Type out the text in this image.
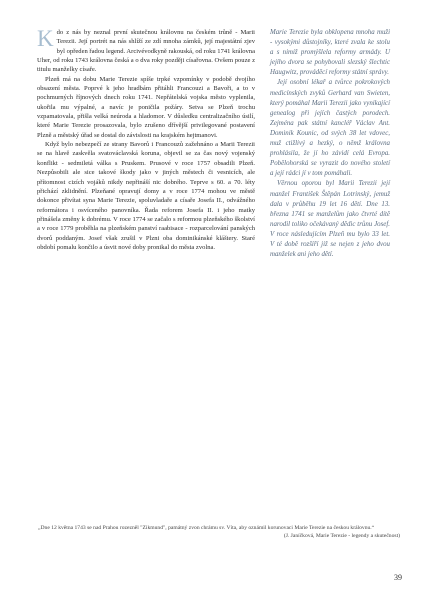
Kdo z nás by neznal první skutečnou královnu na českém trůně - Marii Terezii. Její portrét na nás shlíží ze zdí mnoha zámků, její majestátní zjev byl opředen řadou legend. Arcivévodkyně rakouská, od roku 1741 královna Uher, od roku 1743 královna česká a o dva roky později císařovna. Ovšem pouze z titulu manželky císaře.

Plzeň má na dobu Marie Terezie spíše trpké vzpomínky v podobě dvojího obsazení města. Poprvé k jeho hradbám přitáhli Francouzi a Bavoři, a to v pochmurných říjnových dnech roku 1741. Nepřátelská vojska město vyplenila, ukořila mu výpalné, a navíc je poničila požáry. Setva se Plzeň trochu vzpamatovala, přišla velká neúroda a hladomor. V důsledku centralizačního úsilí, které Marie Terezie prosazovala, bylo zrušeno dřívější privilegované postavení Plzně a městský úřad se dostal do závislosti na krajském hejtmanovi.

Když bylo nebezpečí ze strany Bavorů i Francouzů zažehnáno a Marii Terezii se na hlavě zaskvěla svatováclavská koruna, objevil se za čas nový vojenský konflikt - sedmiletá válka s Pruskem. Prusové v roce 1757 obsadili Plzeň. Nezpůsobili ale sice takové škody jako v jiných městech či vesnicích, ale přítomnost cizích vojáků nikdy nepřináší nic dobrého. Teprve s 60. a 70. léty přichází zklidnění. Plzeňané opravují domy a v roce 1774 mohou ve městě dokonce přivítat syna Marie Terezie, spoluvladaře a císaře Josefa II., odvážného reformátora i osvíceného panovníka. Řada reforem Josefa II. i jeho matky přinášela změny k dobrému. V roce 1774 se začalo s reformou plzeňského školství a v roce 1779 proběhla na plzeňském panství raabisace - rozparcelování panských dvorů poddaným. Josef však zrušil v Plzni oba dominikánské kláštery. Staré období pomalu končilo a úsvit nové doby pronikal do města zvolna.

Marie Terezie byla obklopena mnoha muži - vysokými důstojníky, které zvala ke stolu a s nimiž promýšlela reformy armády. U jejího dvora se pohybovali slezský šlechtic Haugwitz, prováděcí reformy státní správy.

Její osobní lékař a tvůrce pokrokových medicínských zvyků Gerhard van Swieten, který pomáhal Marii Terezii jako vynikající genealog při jejích častých porodech. Zejména pak státní kancléř Václav Ant. Dominik Kounic, od svých 38 let vdovec, muž ctižlivý a hezký, o němž královna prohlásila, že jí ho závidí celá Evropa. Pobělohorská se vyrazit do nového století a její rádci jí v tom pomáhali.

Věrnou oporou byl Marii Terezii její manžel František Štěpán Lotrinský, jemuž dala v průběhu 19 let 16 dětí. Dne 13. března 1741 se manželům jako čtvrté dítě narodil toliko očekávaný dědic trůnu Josef. V roce následujícím Plzeň mu bylo 33 let. V té době rozšíří již se nejen z jeho dvou manželek ani jeho dětí.

„Dne 12 května 1743 se nad Prahou rozezněl "Zikmund", památný zvon chrámu sv. Víta, aby oznámil korunovaci Marie Terezie na českou královnu.“
(J. Janíčková, Marie Terezie - legendy a skutečnost)
39
